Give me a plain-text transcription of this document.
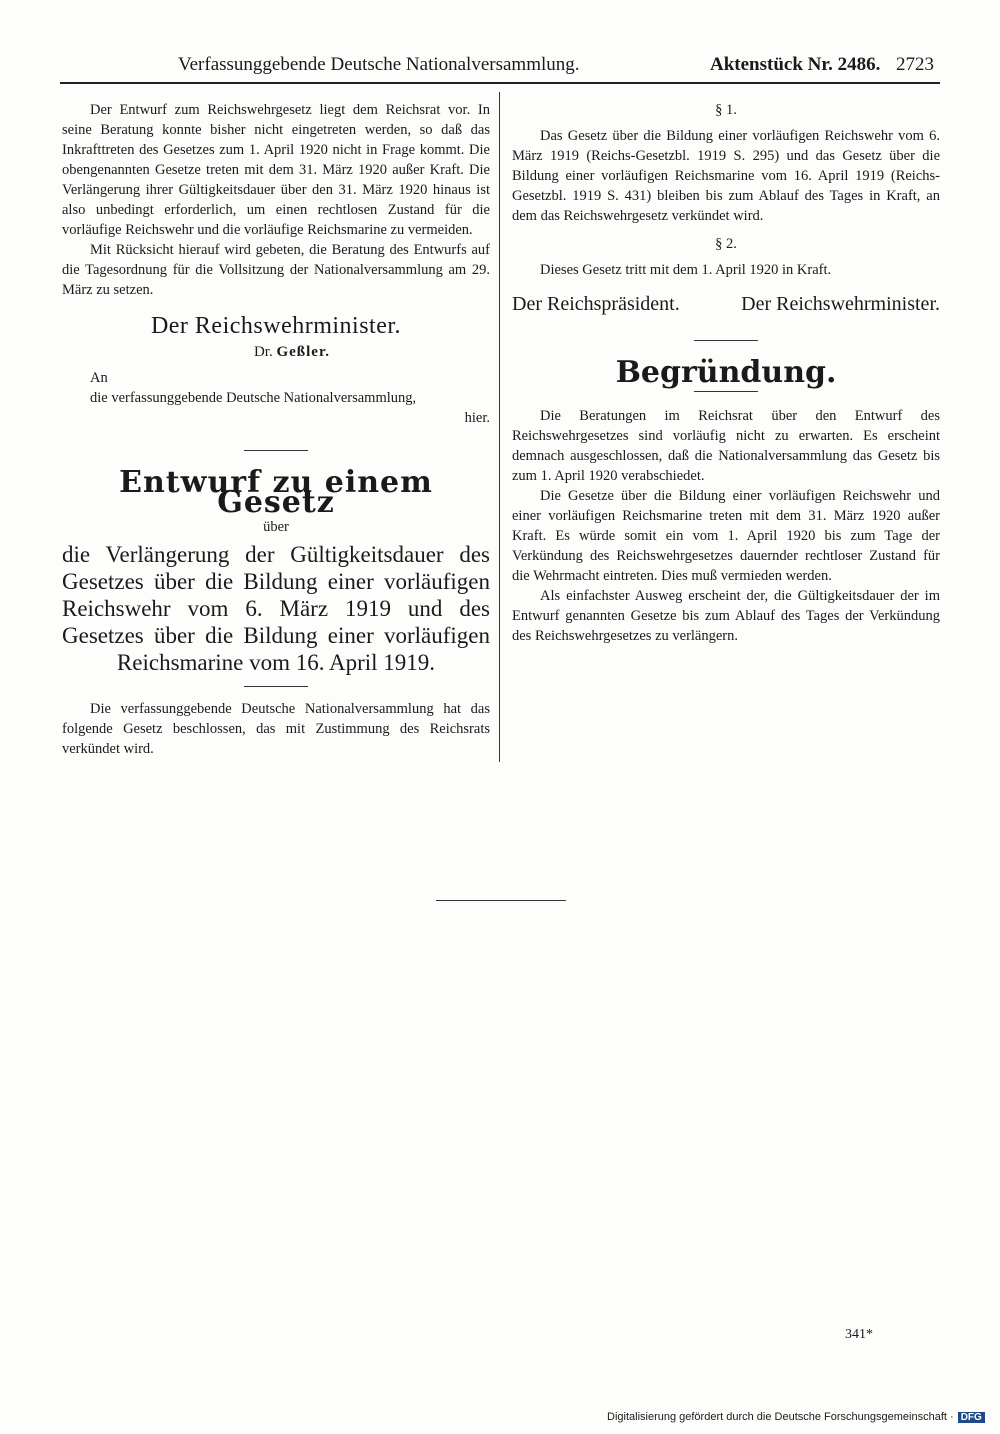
Verfassunggebende Deutsche Nationalversammlung.	Aktenstück Nr. 2486. 2723

Der Entwurf zum Reichswehrgesetz liegt dem Reichsrat vor. In seine Beratung konnte bisher nicht eingetreten werden, so daß das Inkrafttreten des Gesetzes zum 1. April 1920 nicht in Frage kommt. Die obengenannten Gesetze treten mit dem 31. März 1920 außer Kraft. Die Verlängerung ihrer Gültigkeitsdauer über den 31. März 1920 hinaus ist also unbedingt erforderlich, um einen rechtlosen Zustand für die vorläufige Reichswehr und die vorläufige Reichsmarine zu vermeiden.

Mit Rücksicht hierauf wird gebeten, die Beratung des Entwurfs auf die Tagesordnung für die Vollsitzung der Nationalversammlung am 29. März zu setzen.

Der Reichswehrminister.
Dr. Geßler.

An

die verfassunggebende Deutsche Nationalversammlung,

hier.

Entwurf zu einem Gesetz
über
die Verlängerung der Gültigkeitsdauer des Gesetzes über die Bildung einer vorläufigen Reichswehr vom 6. März 1919 und des Gesetzes über die Bildung einer vorläufigen Reichsmarine vom 16. April 1919.

Die verfassunggebende Deutsche Nationalversammlung hat das folgende Gesetz beschlossen, das mit Zustimmung des Reichsrats verkündet wird.

§ 1.

Das Gesetz über die Bildung einer vorläufigen Reichswehr vom 6. März 1919 (Reichs-Gesetzbl. 1919 S. 295) und das Gesetz über die Bildung einer vorläufigen Reichsmarine vom 16. April 1919 (Reichs-Gesetzbl. 1919 S. 431) bleiben bis zum Ablauf des Tages in Kraft, an dem das Reichswehrgesetz verkündet wird.

§ 2.

Dieses Gesetz tritt mit dem 1. April 1920 in Kraft.

Der Reichspräsident.	Der Reichswehrminister.
Begründung.

Die Beratungen im Reichsrat über den Entwurf des Reichswehrgesetzes sind vorläufig nicht zu erwarten. Es erscheint demnach ausgeschlossen, daß die Nationalversammlung das Gesetz bis zum 1. April 1920 verabschiedet.

Die Gesetze über die Bildung einer vorläufigen Reichswehr und einer vorläufigen Reichsmarine treten mit dem 31. März 1920 außer Kraft. Es würde somit ein vom 1. April 1920 bis zum Tage der Verkündung des Reichswehrgesetzes dauernder rechtloser Zustand für die Wehrmacht eintreten. Dies muß vermieden werden.

Als einfachster Ausweg erscheint der, die Gültigkeitsdauer der im Entwurf genannten Gesetze bis zum Ablauf des Tages der Verkündung des Reichswehrgesetzes zu verlängern.

341*
Digitalisierung gefördert durch die Deutsche Forschungsgemeinschaft · DFG
